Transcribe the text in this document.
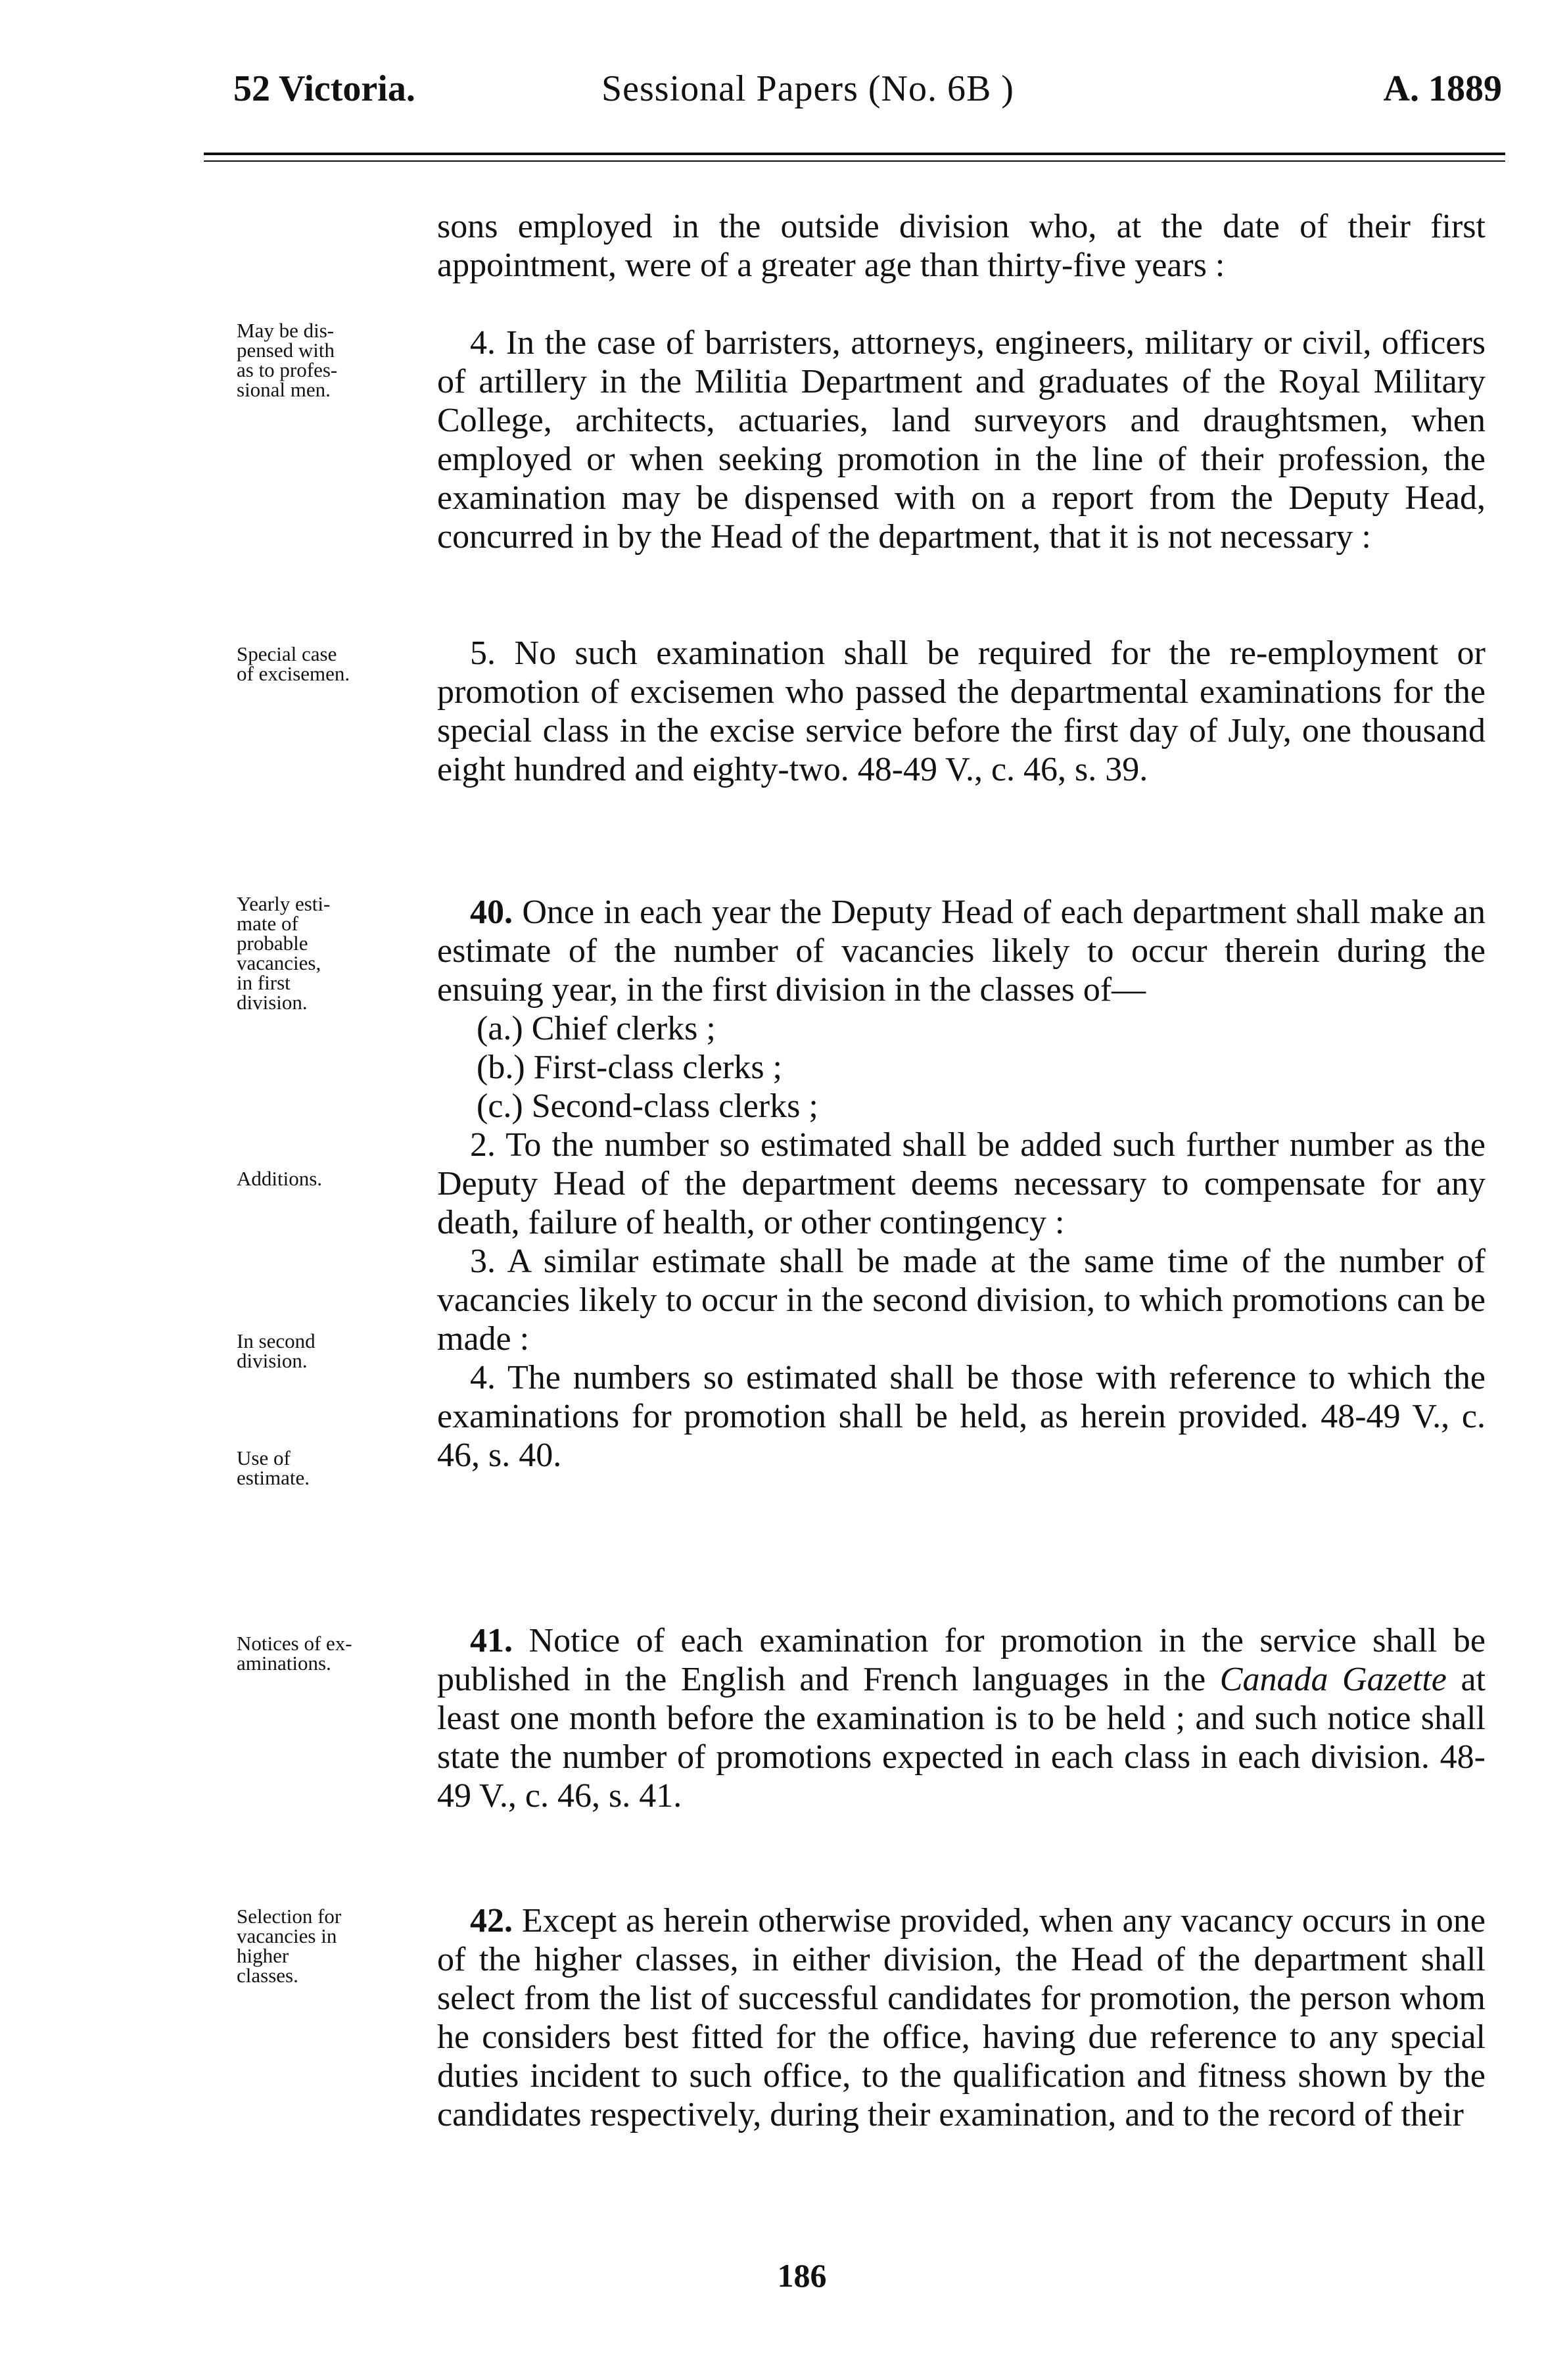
52 Victoria.	Sessional Papers (No. 6B )	A. 1889
May be dis-
pensed with
as to profes-
sional men.
Special case
of excisemen.
Yearly esti-
mate of
probable
vacancies,
in first
division.
Additions.
In second
division.
Use of
estimate.
Notices of ex-
aminations.
Selection for
vacancies in
higher
classes.

sons employed in the outside division who, at the date of their first appointment, were of a greater age than thirty-five years :

4. In the case of barristers, attorneys, engineers, military or civil, officers of artillery in the Militia Department and graduates of the Royal Military College, architects, actuaries, land surveyors and draughtsmen, when employed or when seeking promotion in the line of their profession, the examination may be dispensed with on a report from the Deputy Head, concurred in by the Head of the department, that it is not necessary :

5. No such examination shall be required for the re-employment or promotion of excisemen who passed the departmental examinations for the special class in the excise service before the first day of July, one thousand eight hundred and eighty-two. 48-49 V., c. 46, s. 39.

40. Once in each year the Deputy Head of each department shall make an estimate of the number of vacancies likely to occur therein during the ensuing year, in the first division in the classes of—

(a.) Chief clerks ;

(b.) First-class clerks ;

(c.) Second-class clerks ;

2. To the number so estimated shall be added such further number as the Deputy Head of the department deems necessary to compensate for any death, failure of health, or other contingency :

3. A similar estimate shall be made at the same time of the number of vacancies likely to occur in the second division, to which promotions can be made :

4. The numbers so estimated shall be those with reference to which the examinations for promotion shall be held, as herein provided. 48-49 V., c. 46, s. 40.

41. Notice of each examination for promotion in the service shall be published in the English and French languages in the Canada Gazette at least one month before the examination is to be held ; and such notice shall state the number of promotions expected in each class in each division. 48-49 V., c. 46, s. 41.

42. Except as herein otherwise provided, when any vacancy occurs in one of the higher classes, in either division, the Head of the department shall select from the list of successful candidates for promotion, the person whom he considers best fitted for the office, having due reference to any special duties incident to such office, to the qualification and fitness shown by the candidates respectively, during their examination, and to the record of their

186
